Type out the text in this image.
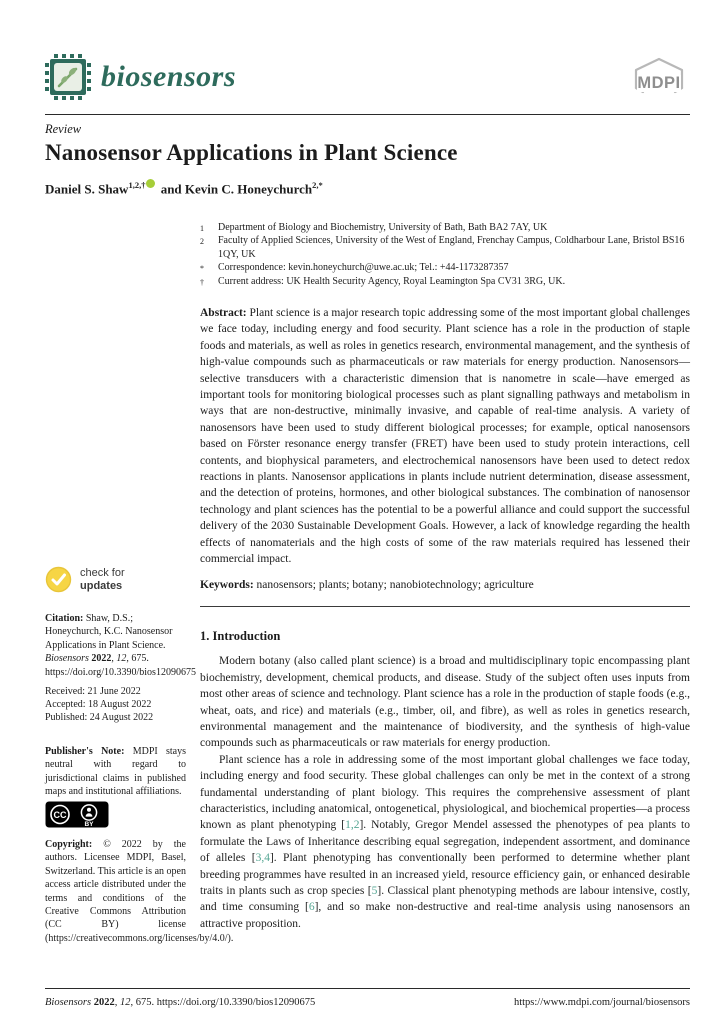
biosensors	MDPI
Review
Nanosensor Applications in Plant Science
Daniel S. Shaw$^{1,2,\dagger}$ and Kevin C. Honeychurch$^{2,*}$
1	Department of Biology and Biochemistry, University of Bath, Bath BA2 7AY, UK
2	Faculty of Applied Sciences, University of the West of England, Frenchay Campus, Coldharbour Lane, Bristol BS16 1QY, UK
*	Correspondence: kevin.honeychurch@uwe.ac.uk; Tel.: +44-1173287357
†	Current address: UK Health Security Agency, Royal Leamington Spa CV31 3RG, UK.

Abstract: Plant science is a major research topic addressing some of the most important global challenges we face today, including energy and food security. Plant science has a role in the production of staple foods and materials, as well as roles in genetics research, environmental management, and the synthesis of high-value compounds such as pharmaceuticals or raw materials for energy production. Nanosensors—selective transducers with a characteristic dimension that is nanometre in scale—have emerged as important tools for monitoring biological processes such as plant signalling pathways and metabolism in ways that are non-destructive, minimally invasive, and capable of real-time analysis. A variety of nanosensors have been used to study different biological processes; for example, optical nanosensors based on Förster resonance energy transfer (FRET) have been used to study protein interactions, cell contents, and biophysical parameters, and electrochemical nanosensors have been used to detect redox reactions in plants. Nanosensor applications in plants include nutrient determination, disease assessment, and the detection of proteins, hormones, and other biological substances. The combination of nanosensor technology and plant sciences has the potential to be a powerful alliance and could support the successful delivery of the 2030 Sustainable Development Goals. However, a lack of knowledge regarding the health effects of nanomaterials and the high costs of some of the raw materials required has lessened their commercial impact.

Keywords: nanosensors; plants; botany; nanobiotechnology; agriculture

1. Introduction

Modern botany (also called plant science) is a broad and multidisciplinary topic encompassing plant biochemistry, development, chemical products, and disease. Study of the subject often uses inputs from most other areas of science and technology. Plant science has a role in the production of staple foods (e.g., wheat, oats, and rice) and materials (e.g., timber, oil, and fibre), as well as roles in genetics research, environmental management and the maintenance of biodiversity, and the synthesis of high-value compounds such as pharmaceuticals or raw materials for energy production.

Plant science has a role in addressing some of the most important global challenges we face today, including energy and food security. These global challenges can only be met in the context of a strong fundamental understanding of plant biology. This requires the comprehensive assessment of plant characteristics, including anatomical, ontogenetical, physiological, and biochemical properties—a process known as plant phenotyping [1,2]. Notably, Gregor Mendel assessed the phenotypes of pea plants to formulate the Laws of Inheritance describing equal segregation, independent assortment, and dominance of alleles [3,4]. Plant phenotyping has conventionally been performed to determine whether plant breeding programmes have resulted in an increased yield, resource efficiency gain, or enhanced desirable traits in plants such as crop species [5]. Classical plant phenotyping methods are labour intensive, costly, and time consuming [6], and so make non-destructive and real-time analysis using nanosensors an attractive proposition.

check for
updates
Citation: Shaw, D.S.; Honeychurch, K.C. Nanosensor Applications in Plant Science. Biosensors 2022, 12, 675. https://doi.org/10.3390/bios12090675
Received: 21 June 2022
Accepted: 18 August 2022
Published: 24 August 2022
Publisher's Note: MDPI stays neutral with regard to jurisdictional claims in published maps and institutional affiliations.
CC
BY
Copyright: © 2022 by the authors. Licensee MDPI, Basel, Switzerland. This article is an open access article distributed under the terms and conditions of the Creative Commons Attribution (CC BY) license (https://creativecommons.org/licenses/by/4.0/).
Biosensors 2022, 12, 675. https://doi.org/10.3390/bios12090675	https://www.mdpi.com/journal/biosensors
